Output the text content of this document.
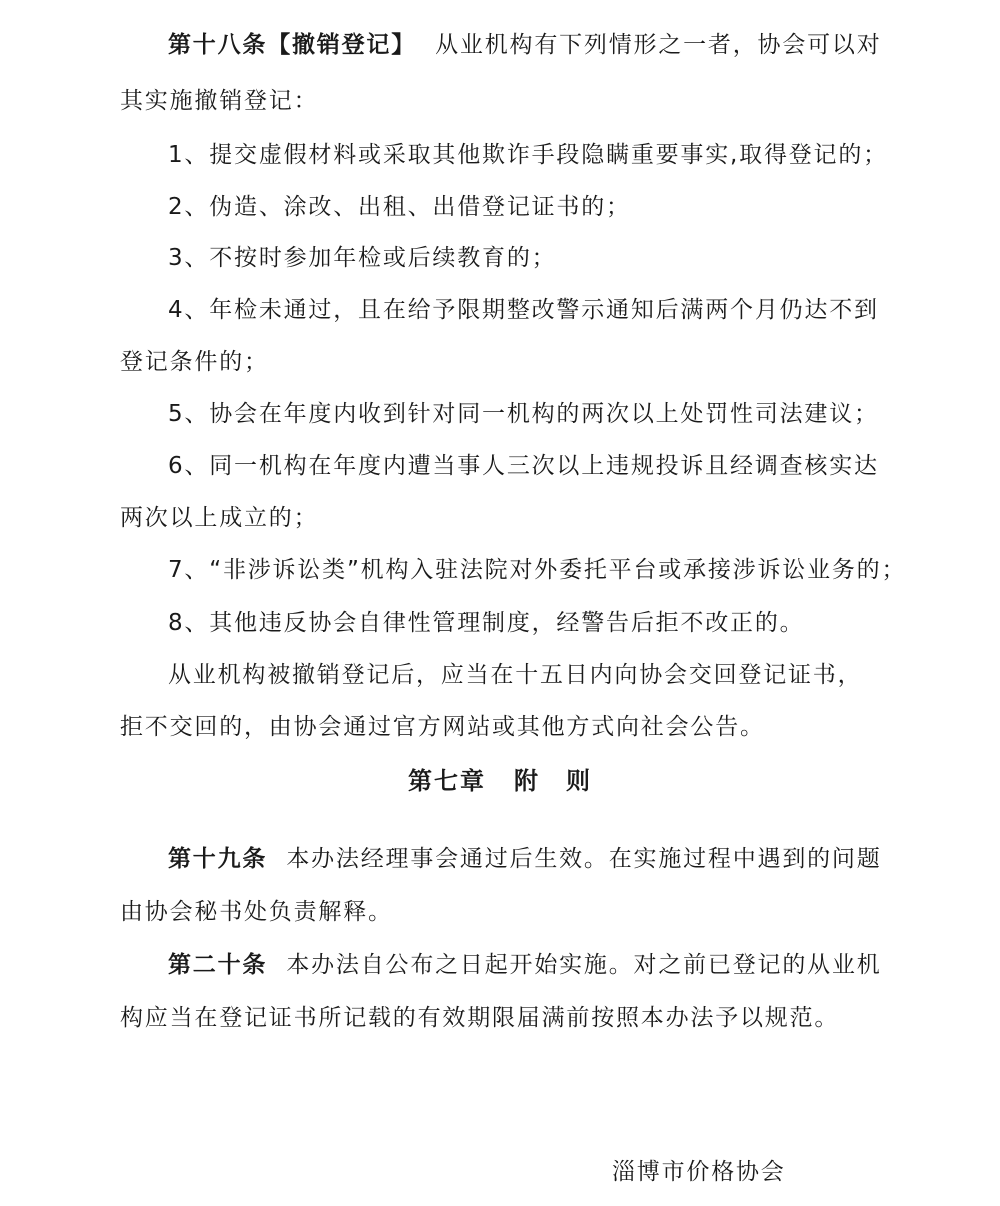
第十八条【撤销登记】 从业机构有下列情形之一者，协会可以对
其实施撤销登记：
1、提交虚假材料或采取其他欺诈手段隐瞒重要事实,取得登记的；
2、伪造、涂改、出租、出借登记证书的；
3、不按时参加年检或后续教育的；
4、年检未通过，且在给予限期整改警示通知后满两个月仍达不到
登记条件的；
5、协会在年度内收到针对同一机构的两次以上处罚性司法建议；
6、同一机构在年度内遭当事人三次以上违规投诉且经调查核实达
两次以上成立的；
7、“非涉诉讼类”机构入驻法院对外委托平台或承接涉诉讼业务的；
8、其他违反协会自律性管理制度，经警告后拒不改正的。
从业机构被撤销登记后，应当在十五日内向协会交回登记证书，
拒不交回的，由协会通过官方网站或其他方式向社会公告。
第七章 附　则
第十九条 本办法经理事会通过后生效。在实施过程中遇到的问题
由协会秘书处负责解释。
第二十条 本办法自公布之日起开始实施。对之前已登记的从业机
构应当在登记证书所记载的有效期限届满前按照本办法予以规范。
淄博市价格协会
